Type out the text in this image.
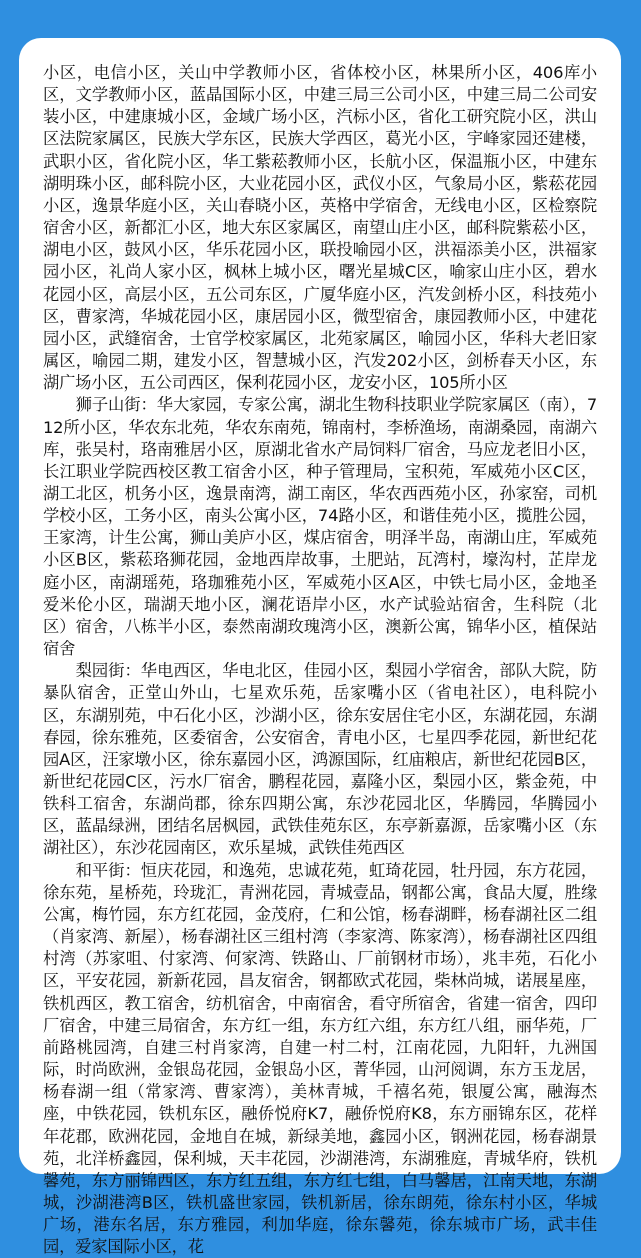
小区，电信小区，关山中学教师小区，省体校小区，林果所小区，406库小区，文学教师小区，蓝晶国际小区，中建三局三公司小区，中建三局二公司安装小区，中建康城小区，金域广场小区，汽标小区，省化工研究院小区，洪山区法院家属区，民族大学东区，民族大学西区，葛光小区，宇峰家园还建楼，武职小区，省化院小区，华工紫菘教师小区，长航小区，保温瓶小区，中建东湖明珠小区，邮科院小区，大业花园小区，武仪小区，气象局小区，紫菘花园小区，逸景华庭小区，关山春晓小区，英格中学宿舍，无线电小区，区检察院宿舍小区，新都汇小区，地大东区家属区，南望山庄小区，邮科院紫菘小区，湖电小区，鼓风小区，华乐花园小区，联投喻园小区，洪福添美小区，洪福家园小区，礼尚人家小区，枫林上城小区，曙光星城C区，喻家山庄小区，碧水花园小区，高层小区，五公司东区，广厦华庭小区，汽发剑桥小区，科技苑小区，曹家湾，华城花园小区，康居园小区，微型宿舍，康园教师小区，中建花园小区，武缝宿舍，士官学校家属区，北苑家属区，喻园小区，华科大老旧家属区，喻园二期，建发小区，智慧城小区，汽发202小区，剑桥春天小区，东湖广场小区，五公司西区，保利花园小区，龙安小区，105所小区

狮子山街：华大家园，专家公寓，湖北生物科技职业学院家属区（南），712所小区，华农东北苑，华农东南苑，锦南村，李桥渔场，南湖桑园，南湖六库，张吴村，珞南雅居小区，原湖北省水产局饲料厂宿舍，马应龙老旧小区，长江职业学院西校区教工宿舍小区，种子管理局，宝积苑，军威苑小区C区，湖工北区，机务小区，逸景南湾，湖工南区，华农西西苑小区，孙家窑，司机学校小区，工务小区，南头公寓小区，74路小区，和谐佳苑小区，揽胜公园，王家湾，计生公寓，狮山美庐小区，煤店宿舍，明泽半岛，南湖山庄，军威苑小区B区，紫菘珞狮花园，金地西岸故事，土肥站，瓦湾村，壕沟村，芷岸龙庭小区，南湖瑶苑，珞珈雅苑小区，军威苑小区A区，中铁七局小区，金地圣爱米伦小区，瑞湖天地小区，澜花语岸小区，水产试验站宿舍，生科院（北区）宿舍，八栋半小区，泰然南湖玫瑰湾小区，澳新公寓，锦华小区，植保站宿舍

梨园街：华电西区，华电北区，佳园小区，梨园小学宿舍，部队大院，防暴队宿舍，正堂山外山，七星欢乐苑，岳家嘴小区（省电社区），电科院小区，东湖别苑，中石化小区，沙湖小区，徐东安居住宅小区，东湖花园，东湖春园，徐东雅苑，区委宿舍，公安宿舍，青电小区，七星四季花园，新世纪花园A区，汪家墩小区，徐东嘉园小区，鸿源国际，红庙粮店，新世纪花园B区，新世纪花园C区，污水厂宿舍，鹏程花园，嘉隆小区，梨园小区，紫金苑，中铁科工宿舍，东湖尚郡，徐东四期公寓，东沙花园北区，华腾园，华腾园小区，蓝晶绿洲，团结名居枫园，武铁佳苑东区，东亭新嘉源，岳家嘴小区（东湖社区），东沙花园南区，欢乐星城，武铁佳苑西区

和平街：恒庆花园，和逸苑，忠诚花苑，虹琦花园，牡丹园，东方花园，徐东苑，星桥苑，玲珑汇，青洲花园，青城壹品，钢都公寓，食品大厦，胜缘公寓，梅竹园，东方红花园，金茂府，仁和公馆，杨春湖畔，杨春湖社区二组（肖家湾、新屋），杨春湖社区三组村湾（李家湾、陈家湾），杨春湖社区四组村湾（苏家咀、付家湾、何家湾、铁路山、厂前钢材市场），兆丰苑，石化小区，平安花园，新新花园，昌友宿舍，钢都欧式花园，柴林尚城，诺展星座，铁机西区，教工宿舍，纺机宿舍，中南宿舍，看守所宿舍，省建一宿舍，四印厂宿舍，中建三局宿舍，东方红一组，东方红六组，东方红八组，丽华苑，厂前路桃园湾，自建三村肖家湾，自建一村二村，江南花园，九阳轩，九洲国际，时尚欧洲，金银岛花园，金银岛小区，菁华园，山河阅调，东方玉龙居，杨春湖一组（常家湾、曹家湾），美林青城，千禧名苑，银厦公寓，融海杰座，中铁花园，铁机东区，融侨悦府K7，融侨悦府K8，东方丽锦东区，花样年花郡，欧洲花园，金地自在城，新绿美地，鑫园小区，钢洲花园，杨春湖景苑，北洋桥鑫园，保利城，天丰花园，沙湖港湾，东湖雅庭，青城华府，铁机馨苑，东方丽锦西区，东方红五组，东方红七组，白马馨居，江南天地，东湖城，沙湖港湾B区，铁机盛世家园，铁机新居，徐东朗苑，徐东村小区，华城广场，港东名居，东方雅园，利加华庭，徐东馨苑，徐东城市广场，武丰佳园，爱家国际小区，花
